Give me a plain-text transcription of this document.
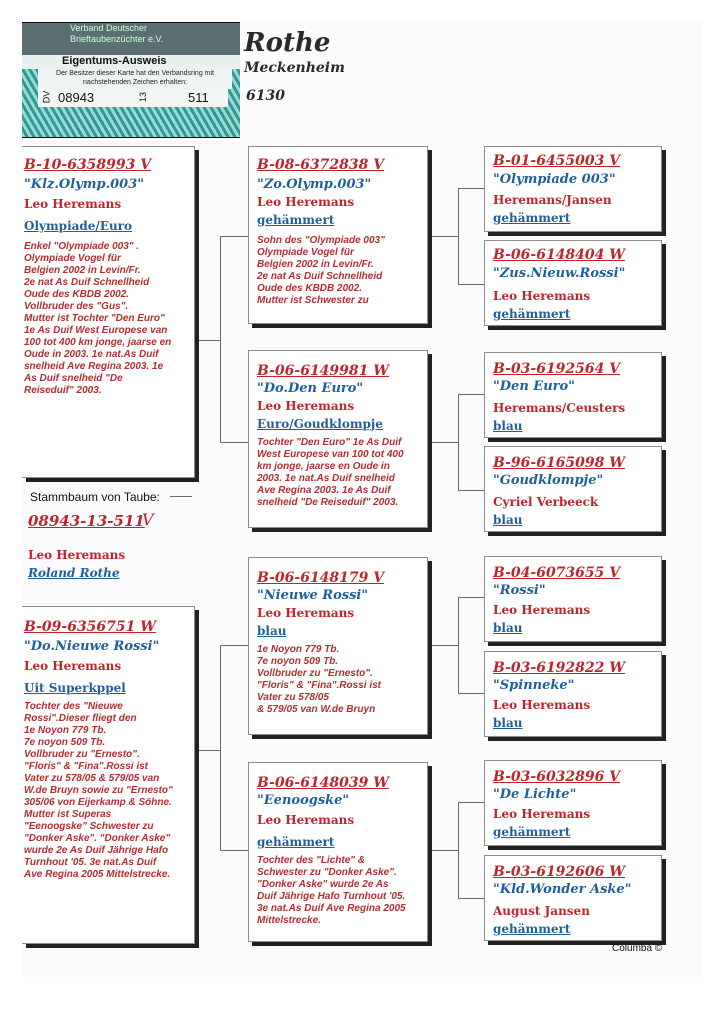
Rothe
Meckenheim
6130
Verband Deutscher
Brieftaubenzüchter e.V.
Eigentums-Ausweis
Der Besitzer dieser Karte hat den Verbandsring mit nachstehenden Zeichen erhalten:
DV 08943	13	511
B-10-6358993 V
"Klz.Olymp.003"
Leo Heremans
Olympiade/Euro
Enkel "Olympiade 003" .
Olympiade Vogel für
Belgien 2002 in Levin/Fr.
2e nat As Duif Schnellheid
Oude des KBDB 2002.
Vollbruder des "Gus".
Mutter ist Tochter "Den Euro"
1e As Duif West Europese van
100 tot 400 km jonge, jaarse en
Oude in 2003. 1e nat.As Duif
snelheid Ave Regina 2003. 1e
As Duif snelheid "De
Reiseduif" 2003.
Stammbaum von Taube:
08943-13-511
V
Leo Heremans
Roland Rothe
B-09-6356751 W
"Do.Nieuwe Rossi"
Leo Heremans
Uit Superkppel
Tochter des "Nieuwe
Rossi".Dieser fliegt den
1e Noyon 779 Tb.
7e noyon 509 Tb.
Vollbruder zu "Ernesto".
"Floris" & "Fina".Rossi ist
Vater zu 578/05 & 579/05 van
W.de Bruyn sowie zu "Ernesto"
305/06 von Eijerkamp & Söhne.
Mutter ist Superas
"Eenoogske" Schwester zu
"Donker Aske". "Donker Aske"
wurde 2e As Duif Jährige Hafo
Turnhout '05. 3e nat.As Duif
Ave Regina 2005 Mittelstrecke.
B-08-6372838 V
"Zo.Olymp.003"
Leo Heremans
gehämmert
Sohn des "Olympiade 003"
Olympiade Vogel für
Belgien 2002 in Levin/Fr.
2e nat As Duif Schnellheid
Oude des KBDB 2002.
Mutter ist Schwester zu
B-06-6149981 W
"Do.Den Euro"
Leo Heremans
Euro/Goudklompje
Tochter "Den Euro" 1e As Duif
West Europese van 100 tot 400
km jonge, jaarse en Oude in
2003. 1e nat.As Duif snelheid
Ave Regina 2003. 1e As Duif
snelheid "De Reiseduif" 2003.
B-06-6148179 V
"Nieuwe Rossi"
Leo Heremans
blau
1e Noyon 779 Tb.
7e noyon 509 Tb.
Vollbruder zu "Ernesto".
"Floris" & "Fina".Rossi ist
Vater zu 578/05
& 579/05 van W.de Bruyn
B-06-6148039 W
"Eenoogske"
Leo Heremans
gehämmert
Tochter des "Lichte" &
Schwester zu "Donker Aske".
"Donker Aske" wurde 2e As
Duif Jährige Hafo Turnhout '05.
3e nat.As Duif Ave Regina 2005
Mittelstrecke.
B-01-6455003 V
"Olympiade 003"
Heremans/Jansen
gehämmert
B-06-6148404 W
"Zus.Nieuw.Rossi"
Leo Heremans
gehämmert
B-03-6192564 V
"Den Euro"
Heremans/Ceusters
blau
B-96-6165098 W
"Goudklompje"
Cyriel Verbeeck
blau
B-04-6073655 V
"Rossi"
Leo Heremans
blau
B-03-6192822 W
"Spinneke"
Leo Heremans
blau
B-03-6032896 V
"De Lichte"
Leo Heremans
gehämmert
B-03-6192606 W
"Kld.Wonder Aske"
August Jansen
gehämmert
Columba ©
